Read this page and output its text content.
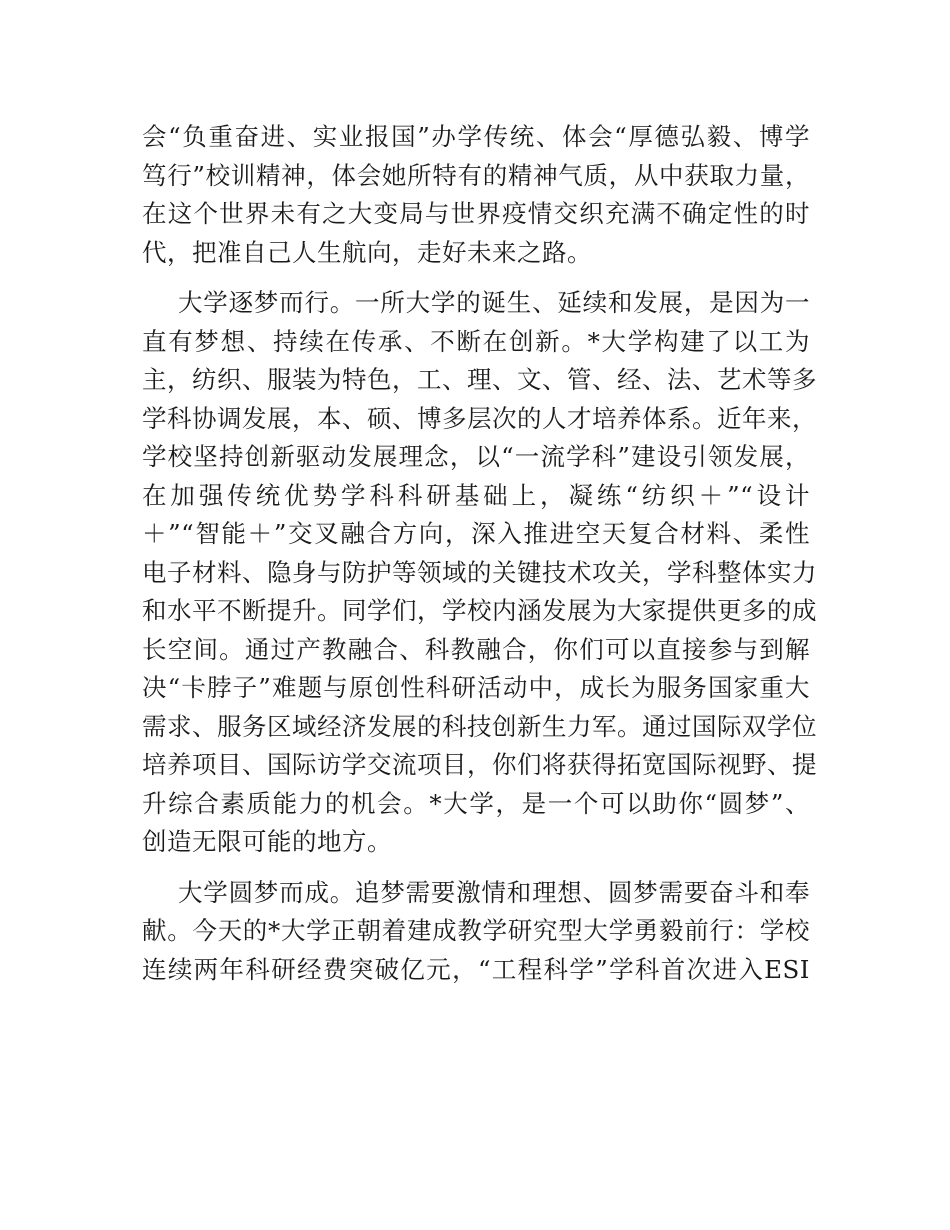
会“负重奋进、实业报国”办学传统、体会“厚德弘毅、博学
笃行”校训精神，体会她所特有的精神气质，从中获取力量，
在这个世界未有之大变局与世界疫情交织充满不确定性的时
代，把准自己人生航向，走好未来之路。
大学逐梦而行。一所大学的诞生、延续和发展，是因为一
直有梦想、持续在传承、不断在创新。*大学构建了以工为
主，纺织、服装为特色，工、理、文、管、经、法、艺术等多
学科协调发展，本、硕、博多层次的人才培养体系。近年来，
学校坚持创新驱动发展理念，以“一流学科”建设引领发展，
在加强传统优势学科科研基础上，凝练“纺织＋”“设计
＋”“智能＋”交叉融合方向，深入推进空天复合材料、柔性
电子材料、隐身与防护等领域的关键技术攻关，学科整体实力
和水平不断提升。同学们，学校内涵发展为大家提供更多的成
长空间。通过产教融合、科教融合，你们可以直接参与到解
决“卡脖子”难题与原创性科研活动中，成长为服务国家重大
需求、服务区域经济发展的科技创新生力军。通过国际双学位
培养项目、国际访学交流项目，你们将获得拓宽国际视野、提
升综合素质能力的机会。*大学，是一个可以助你“圆梦”、
创造无限可能的地方。
大学圆梦而成。追梦需要激情和理想、圆梦需要奋斗和奉
献。今天的*大学正朝着建成教学研究型大学勇毅前行：学校
连续两年科研经费突破亿元，“工程科学”学科首次进入ESI
